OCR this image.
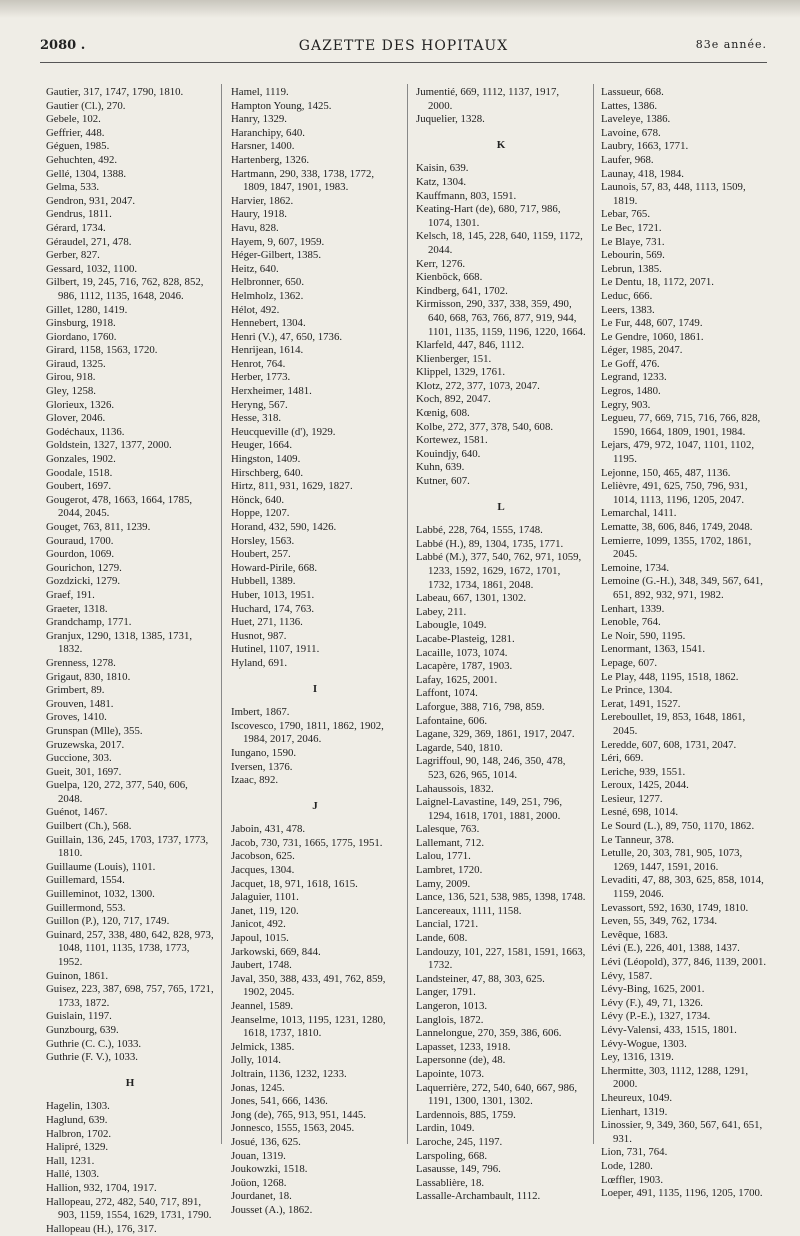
2080 .	GAZETTE DES HOPITAUX	83e année.
Gautier, 317, 1747, 1790, 1810.
Gautier (Cl.), 270.
Gebele, 102.
Geffrier, 448.
Géguen, 1985.
Gehuchten, 492.
Gellé, 1304, 1388.
Gelma, 533.
Gendron, 931, 2047.
Gendrus, 1811.
Gérard, 1734.
Géraudel, 271, 478.
Gerber, 827.
Gessard, 1032, 1100.
Gilbert, 19, 245, 716, 762, 828, 852, 986, 1112, 1135, 1648, 2046.
Gillet, 1280, 1419.
Ginsburg, 1918.
Giordano, 1760.
Girard, 1158, 1563, 1720.
Giraud, 1325.
Girou, 918.
Gley, 1258.
Glorieux, 1326.
Glover, 2046.
Godéchaux, 1136.
Goldstein, 1327, 1377, 2000.
Gonzales, 1902.
Goodale, 1518.
Goubert, 1697.
Gougerot, 478, 1663, 1664, 1785, 2044, 2045.
Gouget, 763, 811, 1239.
Gouraud, 1700.
Gourdon, 1069.
Gourichon, 1279.
Gozdzicki, 1279.
Graef, 191.
Graeter, 1318.
Grandchamp, 1771.
Granjux, 1290, 1318, 1385, 1731, 1832.
Grenness, 1278.
Grigaut, 830, 1810.
Grimbert, 89.
Grouven, 1481.
Groves, 1410.
Grunspan (Mlle), 355.
Gruzewska, 2017.
Guccione, 303.
Gueit, 301, 1697.
Guelpa, 120, 272, 377, 540, 606, 2048.
Guénot, 1467.
Guilbert (Ch.), 568.
Guillain, 136, 245, 1703, 1737, 1773, 1810.
Guillaume (Louis), 1101.
Guillemard, 1554.
Guilleminot, 1032, 1300.
Guillermond, 553.
Guillon (P.), 120, 717, 1749.
Guinard, 257, 338, 480, 642, 828, 973, 1048, 1101, 1135, 1738, 1773, 1952.
Guinon, 1861.
Guisez, 223, 387, 698, 757, 765, 1721, 1733, 1872.
Guislain, 1197.
Gunzbourg, 639.
Guthrie (C. C.), 1033.
Guthrie (F. V.), 1033.
H
Hagelin, 1303.
Haglund, 639.
Halbron, 1702.
Halipré, 1329.
Hall, 1231.
Hallé, 1303.
Hallion, 932, 1704, 1917.
Hallopeau, 272, 482, 540, 717, 891, 903, 1159, 1554, 1629, 1731, 1790.
Hallopeau (H.), 176, 317.
Hamel, 1119.
Hampton Young, 1425.
Hanry, 1329.
Haranchipy, 640.
Harsner, 1400.
Hartenberg, 1326.
Hartmann, 290, 338, 1738, 1772, 1809, 1847, 1901, 1983.
Harvier, 1862.
Haury, 1918.
Havu, 828.
Hayem, 9, 607, 1959.
Héger-Gilbert, 1385.
Heitz, 640.
Helbronner, 650.
Helmholz, 1362.
Hélot, 492.
Hennebert, 1304.
Henri (V.), 47, 650, 1736.
Henrijean, 1614.
Henrot, 764.
Herber, 1773.
Herxheimer, 1481.
Heryng, 567.
Hesse, 318.
Heucqueville (d'), 1929.
Heuger, 1664.
Hingston, 1409.
Hirschberg, 640.
Hirtz, 811, 931, 1629, 1827.
Hönck, 640.
Hoppe, 1207.
Horand, 432, 590, 1426.
Horsley, 1563.
Houbert, 257.
Howard-Pirile, 668.
Hubbell, 1389.
Huber, 1013, 1951.
Huchard, 174, 763.
Huet, 271, 1136.
Husnot, 987.
Hutinel, 1107, 1911.
Hyland, 691.
I
Imbert, 1867.
Iscovesco, 1790, 1811, 1862, 1902, 1984, 2017, 2046.
Iungano, 1590.
Iversen, 1376.
Izaac, 892.
J
Jaboin, 431, 478.
Jacob, 730, 731, 1665, 1775, 1951.
Jacobson, 625.
Jacques, 1304.
Jacquet, 18, 971, 1618, 1615.
Jalaguier, 1101.
Janet, 119, 120.
Janicot, 492.
Japoul, 1015.
Jarkowski, 669, 844.
Jaubert, 1748.
Javal, 350, 388, 433, 491, 762, 859, 1902, 2045.
Jeannel, 1589.
Jeanselme, 1013, 1195, 1231, 1280, 1618, 1737, 1810.
Jelmick, 1385.
Jolly, 1014.
Joltrain, 1136, 1232, 1233.
Jonas, 1245.
Jones, 541, 666, 1436.
Jong (de), 765, 913, 951, 1445.
Jonnesco, 1555, 1563, 2045.
Josué, 136, 625.
Jouan, 1319.
Joukowzki, 1518.
Joüon, 1268.
Jourdanet, 18.
Jousset (A.), 1862.
Jumentié, 669, 1112, 1137, 1917, 2000.
Juquelier, 1328.
K
Kaisin, 639.
Katz, 1304.
Kauffmann, 803, 1591.
Keating-Hart (de), 680, 717, 986, 1074, 1301.
Kelsch, 18, 145, 228, 640, 1159, 1172, 2044.
Kerr, 1276.
Kienböck, 668.
Kindberg, 641, 1702.
Kirmisson, 290, 337, 338, 359, 490, 640, 668, 763, 766, 877, 919, 944, 1101, 1135, 1159, 1196, 1220, 1664.
Klarfeld, 447, 846, 1112.
Klienberger, 151.
Klippel, 1329, 1761.
Klotz, 272, 377, 1073, 2047.
Koch, 892, 2047.
Kœnig, 608.
Kolbe, 272, 377, 378, 540, 608.
Kortewez, 1581.
Kouindjy, 640.
Kuhn, 639.
Kutner, 607.
L
Labbé, 228, 764, 1555, 1748.
Labbé (H.), 89, 1304, 1735, 1771.
Labbé (M.), 377, 540, 762, 971, 1059, 1233, 1592, 1629, 1672, 1701, 1732, 1734, 1861, 2048.
Labeau, 667, 1301, 1302.
Labey, 211.
Labougle, 1049.
Lacabe-Plasteig, 1281.
Lacaille, 1073, 1074.
Lacapère, 1787, 1903.
Lafay, 1625, 2001.
Laffont, 1074.
Laforgue, 388, 716, 798, 859.
Lafontaine, 606.
Lagane, 329, 369, 1861, 1917, 2047.
Lagarde, 540, 1810.
Lagriffoul, 90, 148, 246, 350, 478, 523, 626, 965, 1014.
Lahaussois, 1832.
Laignel-Lavastine, 149, 251, 796, 1294, 1618, 1701, 1881, 2000.
Lalesque, 763.
Lallemant, 712.
Lalou, 1771.
Lambret, 1720.
Lamy, 2009.
Lance, 136, 521, 538, 985, 1398, 1748.
Lancereaux, 1111, 1158.
Lancial, 1721.
Lande, 608.
Landouzy, 101, 227, 1581, 1591, 1663, 1732.
Landsteiner, 47, 88, 303, 625.
Langer, 1791.
Langeron, 1013.
Langlois, 1872.
Lannelongue, 270, 359, 386, 606.
Lapasset, 1233, 1918.
Lapersonne (de), 48.
Lapointe, 1073.
Laquerrière, 272, 540, 640, 667, 986, 1191, 1300, 1301, 1302.
Lardennois, 885, 1759.
Lardin, 1049.
Laroche, 245, 1197.
Larspoling, 668.
Lasausse, 149, 796.
Lassablière, 18.
Lassalle-Archambault, 1112.
Lassueur, 668.
Lattes, 1386.
Laveleye, 1386.
Lavoine, 678.
Laubry, 1663, 1771.
Laufer, 968.
Launay, 418, 1984.
Launois, 57, 83, 448, 1113, 1509, 1819.
Lebar, 765.
Le Bec, 1721.
Le Blaye, 731.
Lebourin, 569.
Lebrun, 1385.
Le Dentu, 18, 1172, 2071.
Leduc, 666.
Leers, 1383.
Le Fur, 448, 607, 1749.
Le Gendre, 1060, 1861.
Léger, 1985, 2047.
Le Goff, 476.
Legrand, 1233.
Legros, 1480.
Legry, 903.
Legueu, 77, 669, 715, 716, 766, 828, 1590, 1664, 1809, 1901, 1984.
Lejars, 479, 972, 1047, 1101, 1102, 1195.
Lejonne, 150, 465, 487, 1136.
Lelièvre, 491, 625, 750, 796, 931, 1014, 1113, 1196, 1205, 2047.
Lemarchal, 1411.
Lematte, 38, 606, 846, 1749, 2048.
Lemierre, 1099, 1355, 1702, 1861, 2045.
Lemoine, 1734.
Lemoine (G.-H.), 348, 349, 567, 641, 651, 892, 932, 971, 1982.
Lenhart, 1339.
Lenoble, 764.
Le Noir, 590, 1195.
Lenormant, 1363, 1541.
Lepage, 607.
Le Play, 448, 1195, 1518, 1862.
Le Prince, 1304.
Lerat, 1491, 1527.
Lereboullet, 19, 853, 1648, 1861, 2045.
Leredde, 607, 608, 1731, 2047.
Léri, 669.
Leriche, 939, 1551.
Leroux, 1425, 2044.
Lesieur, 1277.
Lesné, 698, 1014.
Le Sourd (L.), 89, 750, 1170, 1862.
Le Tanneur, 378.
Letulle, 20, 303, 781, 905, 1073, 1269, 1447, 1591, 2016.
Levaditi, 47, 88, 303, 625, 858, 1014, 1159, 2046.
Levassort, 592, 1630, 1749, 1810.
Leven, 55, 349, 762, 1734.
Levêque, 1683.
Lévi (E.), 226, 401, 1388, 1437.
Lévi (Léopold), 377, 846, 1139, 2001.
Lévy, 1587.
Lévy-Bing, 1625, 2001.
Lévy (F.), 49, 71, 1326.
Lévy (P.-E.), 1327, 1734.
Lévy-Valensi, 433, 1515, 1801.
Lévy-Wogue, 1303.
Ley, 1316, 1319.
Lhermitte, 303, 1112, 1288, 1291, 2000.
Lheureux, 1049.
Lienhart, 1319.
Linossier, 9, 349, 360, 567, 641, 651, 931.
Lion, 731, 764.
Lode, 1280.
Lœffler, 1903.
Loeper, 491, 1135, 1196, 1205, 1700.
